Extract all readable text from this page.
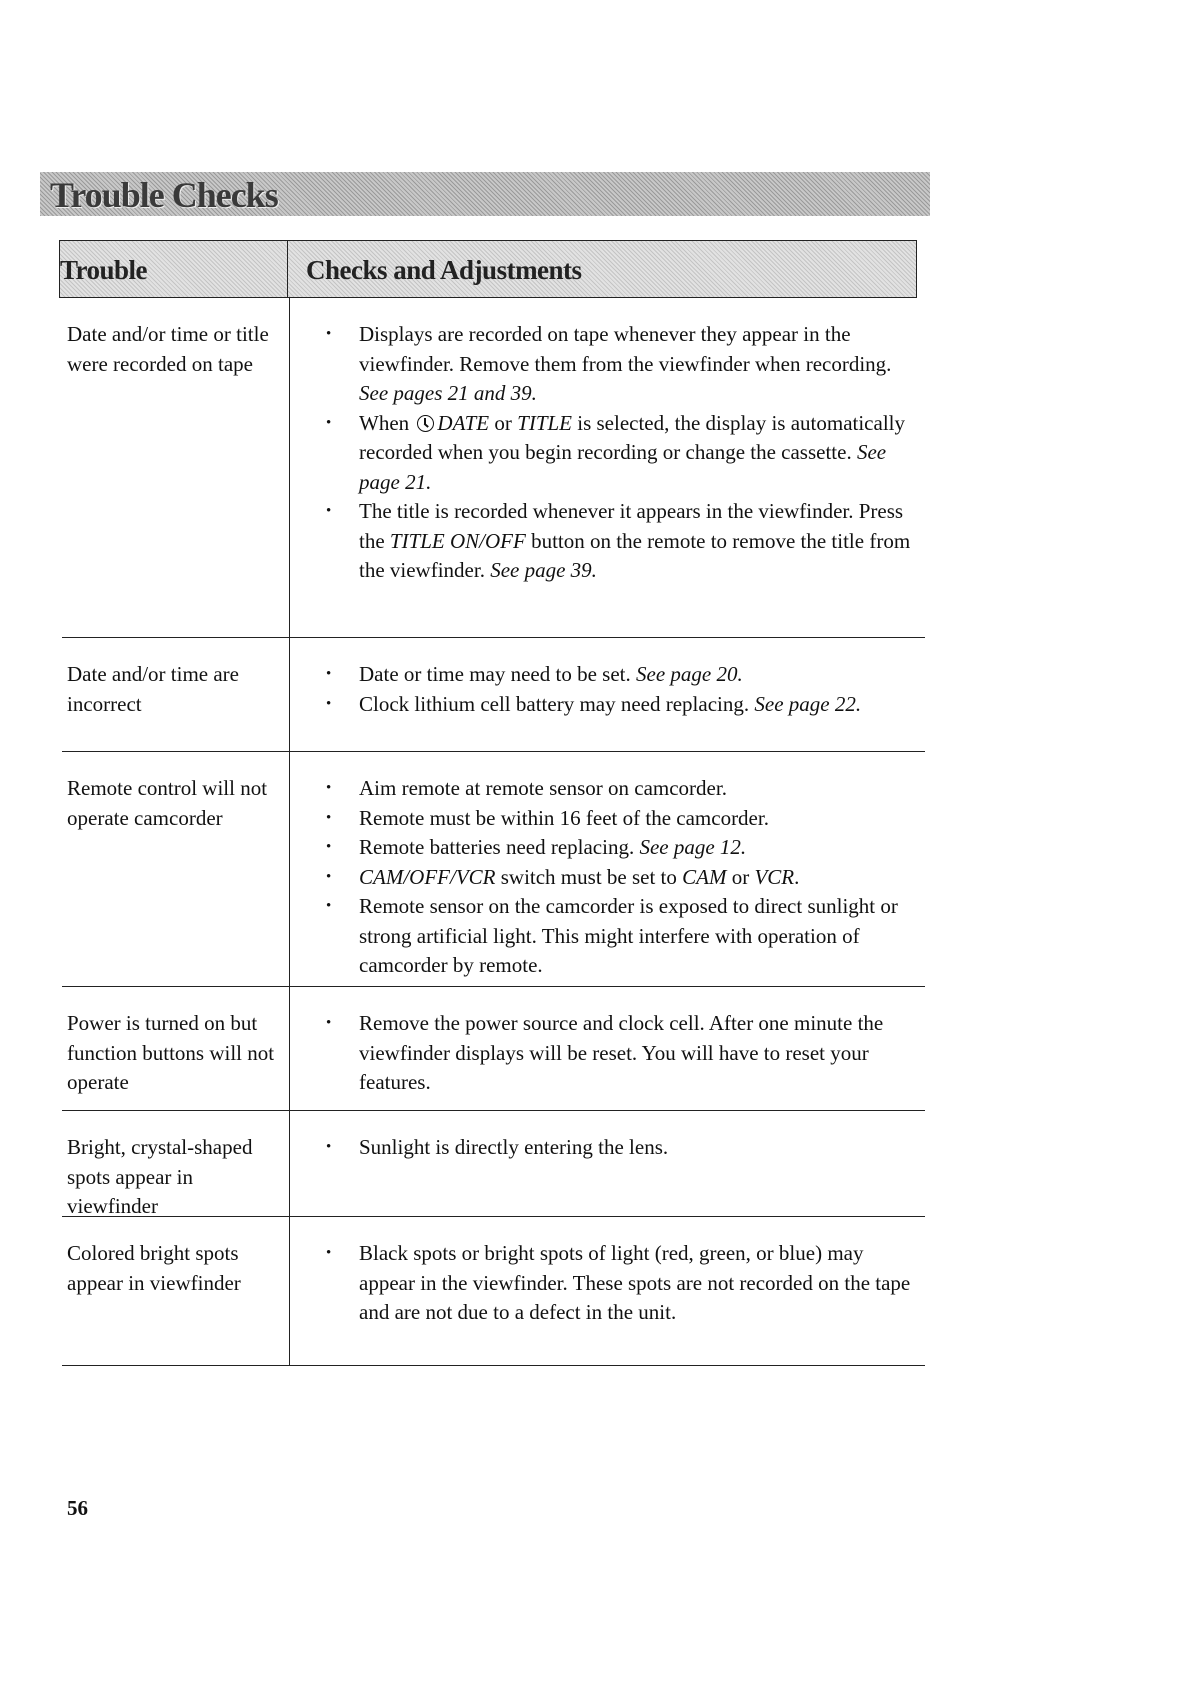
Trouble Checks
Trouble	Checks and Adjustments
Date and/or time or title were recorded on tape
• Displays are recorded on tape whenever they appear in the viewfinder. Remove them from the viewfinder when recording. See pages 21 and 39.
• When DATE or TITLE is selected, the display is automatically recorded when you begin recording or change the cassette. See page 21.
• The title is recorded whenever it appears in the viewfinder. Press the TITLE ON/OFF button on the remote to remove the title from the viewfinder. See page 39.
Date and/or time are incorrect
• Date or time may need to be set. See page 20.
• Clock lithium cell battery may need replacing. See page 22.
Remote control will not operate camcorder
• Aim remote at remote sensor on camcorder.
• Remote must be within 16 feet of the camcorder.
• Remote batteries need replacing. See page 12.
• CAM/OFF/VCR switch must be set to CAM or VCR.
• Remote sensor on the camcorder is exposed to direct sunlight or strong artificial light. This might interfere with operation of camcorder by remote.
Power is turned on but function buttons will not operate
• Remove the power source and clock cell. After one minute the viewfinder displays will be reset. You will have to reset your features.
Bright, crystal-shaped spots appear in viewfinder
• Sunlight is directly entering the lens.
Colored bright spots appear in viewfinder
• Black spots or bright spots of light (red, green, or blue) may appear in the viewfinder. These spots are not recorded on the tape and are not due to a defect in the unit.
56
